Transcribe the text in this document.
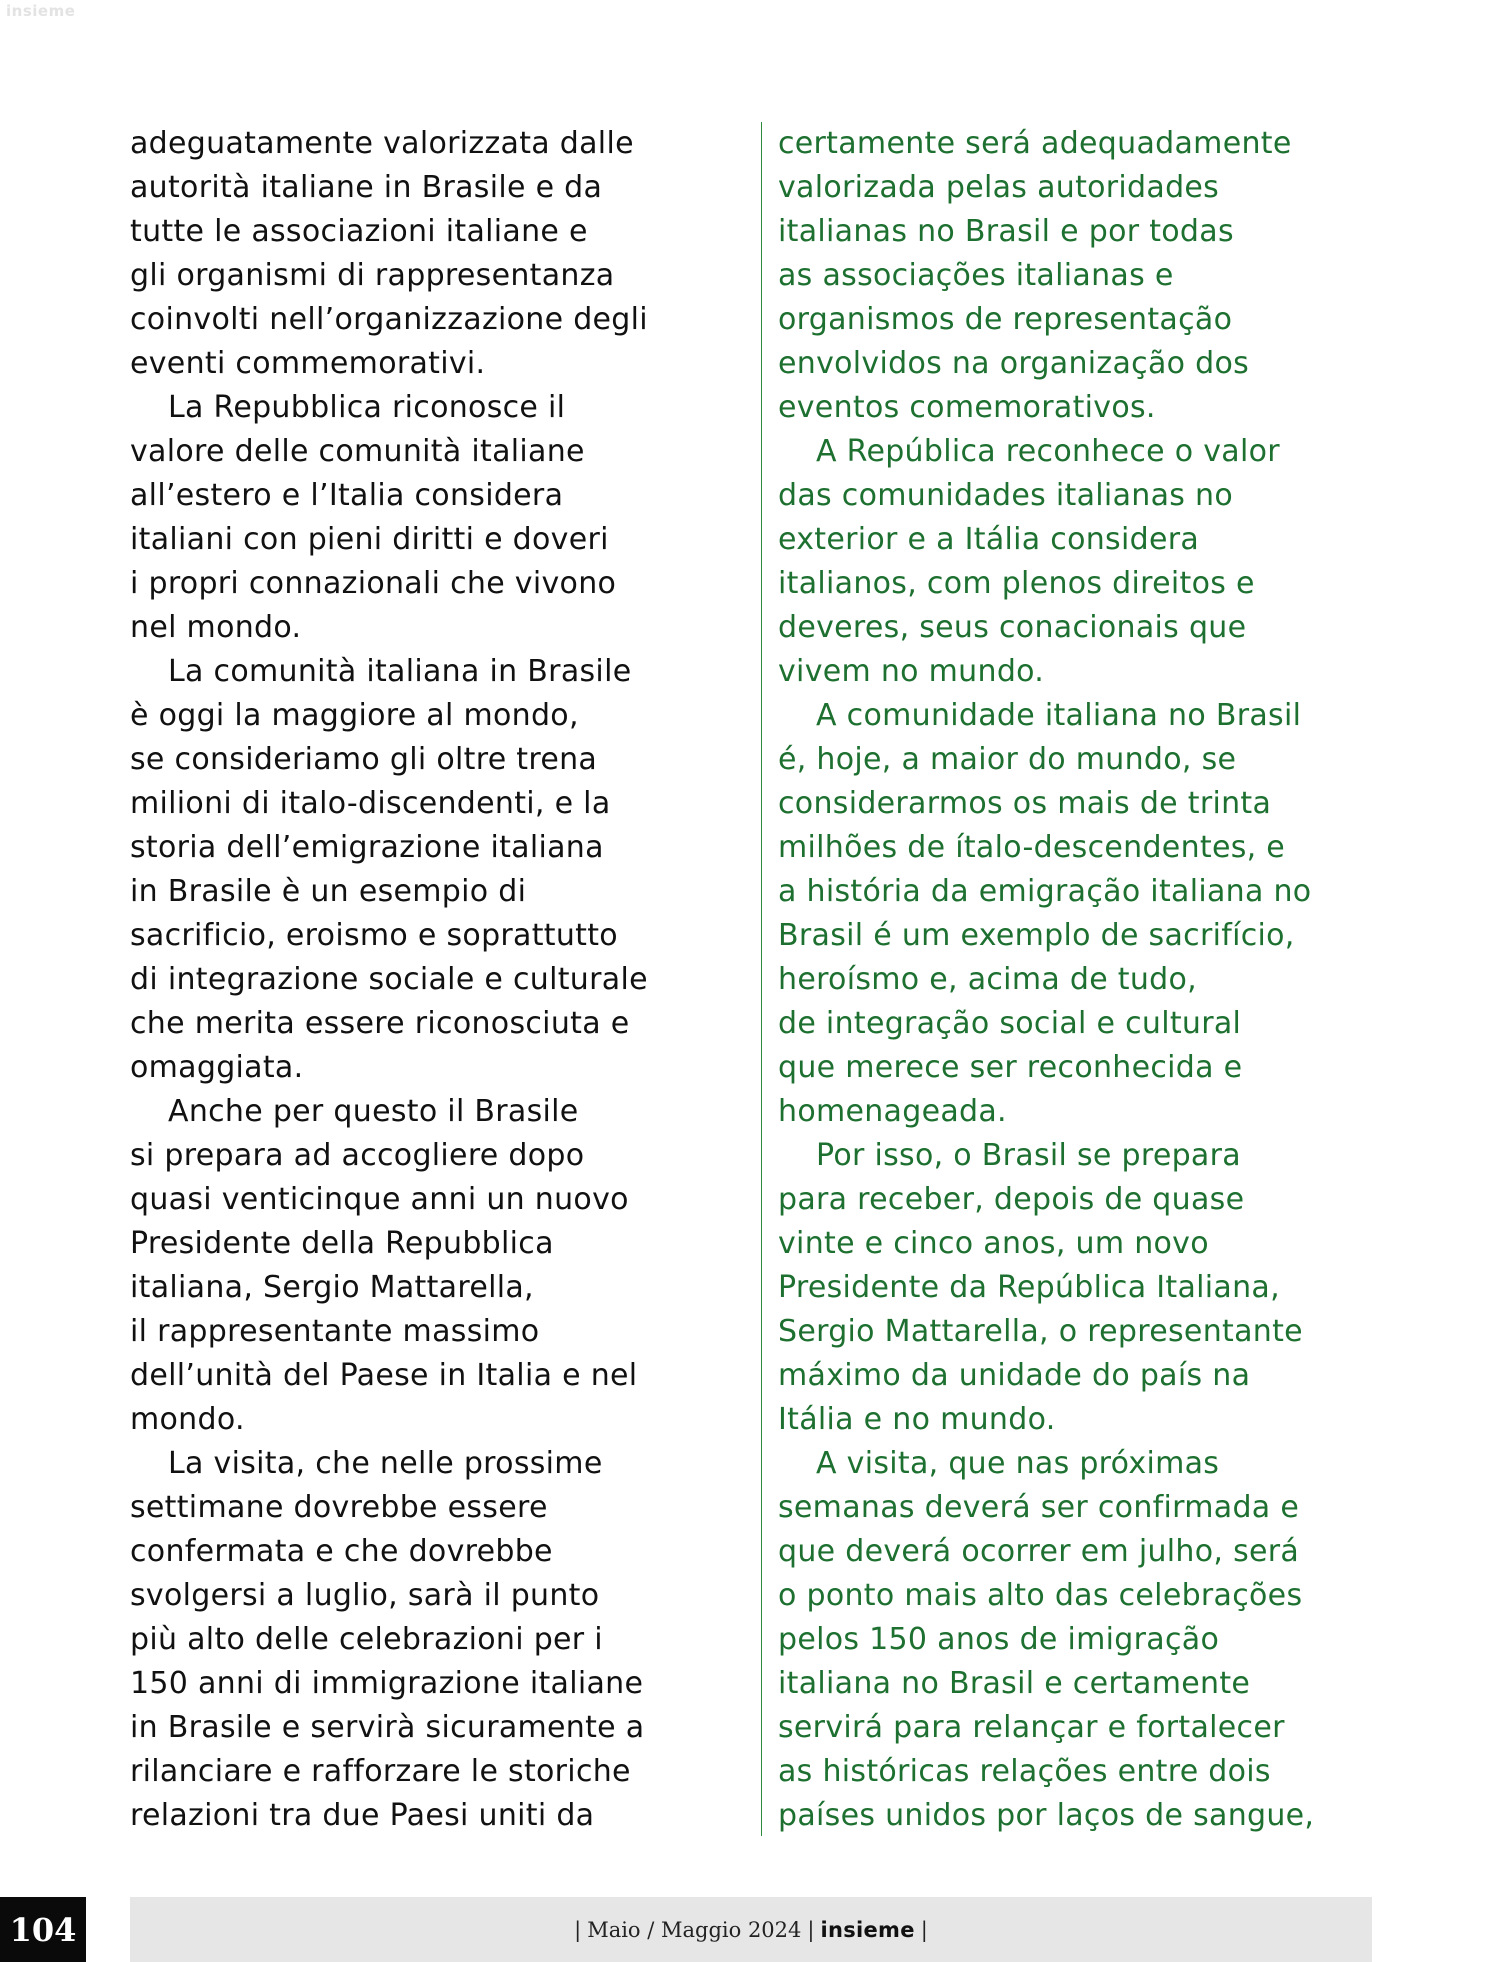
insieme
adeguatamente valorizzata dalle
autorità italiane in Brasile e da
tutte le associazioni italiane e
gli organismi di rappresentanza
coinvolti nell’organizzazione degli
eventi commemorativi.
La Repubblica riconosce il
valore delle comunità italiane
all’estero e l’Italia considera
italiani con pieni diritti e doveri
i propri connazionali che vivono
nel mondo.
La comunità italiana in Brasile
è oggi la maggiore al mondo,
se consideriamo gli oltre trena
milioni di italo-discendenti, e la
storia dell’emigrazione italiana
in Brasile è un esempio di
sacrificio, eroismo e soprattutto
di integrazione sociale e culturale
che merita essere riconosciuta e
omaggiata.
Anche per questo il Brasile
si prepara ad accogliere dopo
quasi venticinque anni un nuovo
Presidente della Repubblica
italiana, Sergio Mattarella,
il rappresentante massimo
dell’unità del Paese in Italia e nel
mondo.
La visita, che nelle prossime
settimane dovrebbe essere
confermata e che dovrebbe
svolgersi a luglio, sarà il punto
più alto delle celebrazioni per i
150 anni di immigrazione italiane
in Brasile e servirà sicuramente a
rilanciare e rafforzare le storiche
relazioni tra due Paesi uniti da
certamente será adequadamente
valorizada pelas autoridades
italianas no Brasil e por todas
as associações italianas e
organismos de representação
envolvidos na organização dos
eventos comemorativos.
A República reconhece o valor
das comunidades italianas no
exterior e a Itália considera
italianos, com plenos direitos e
deveres, seus conacionais que
vivem no mundo.
A comunidade italiana no Brasil
é, hoje, a maior do mundo, se
considerarmos os mais de trinta
milhões de ítalo-descendentes, e
a história da emigração italiana no
Brasil é um exemplo de sacrifício,
heroísmo e, acima de tudo,
de integração social e cultural
que merece ser reconhecida e
homenageada.
Por isso, o Brasil se prepara
para receber, depois de quase
vinte e cinco anos, um novo
Presidente da República Italiana,
Sergio Mattarella, o representante
máximo da unidade do país na
Itália e no mundo.
A visita, que nas próximas
semanas deverá ser confirmada e
que deverá ocorrer em julho, será
o ponto mais alto das celebrações
pelos 150 anos de imigração
italiana no Brasil e certamente
servirá para relançar e fortalecer
as históricas relações entre dois
países unidos por laços de sangue,
104	| Maio / Maggio 2024 | insieme |
